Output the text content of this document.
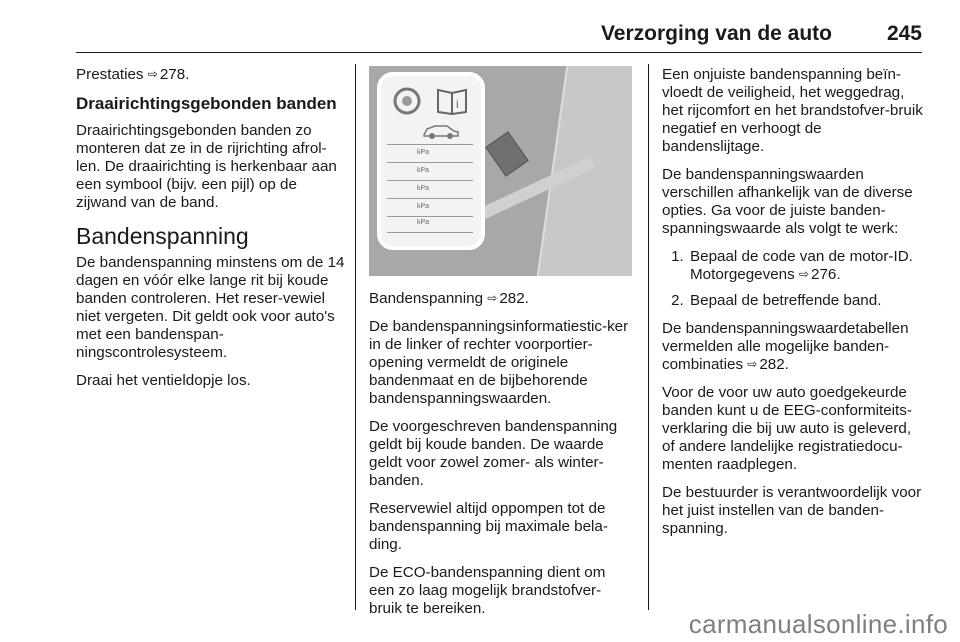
Verzorging van de auto	245

Prestaties ⇨ 278.

Draairichtingsgebonden banden

Draairichtingsgebonden banden zo monteren dat ze in de rijrichting afrol-len. De draairichting is herkenbaar aan een symbool (bijv. een pijl) op de zijwand van de band.

Bandenspanning

De bandenspanning minstens om de 14 dagen en vóór elke lange rit bij koude banden controleren. Het reser-vewiel niet vergeten. Dit geldt ook voor auto's met een bandenspan-ningscontrolesysteem.

Draai het ventieldopje los.

i
kPa
kPa
kPa
kPa
kPa

Bandenspanning ⇨ 282.

De bandenspanningsinformatiestic-ker in de linker of rechter voorportier-opening vermeldt de originele bandenmaat en de bijbehorende bandenspanningswaarden.

De voorgeschreven bandenspanning geldt bij koude banden. De waarde geldt voor zowel zomer- als winter-banden.

Reservewiel altijd oppompen tot de bandenspanning bij maximale bela-ding.

De ECO-bandenspanning dient om een zo laag mogelijk brandstofver-bruik te bereiken.

Een onjuiste bandenspanning beïn-vloedt de veiligheid, het weggedrag, het rijcomfort en het brandstofver-bruik negatief en verhoogt de bandenslijtage.

De bandenspanningswaarden verschillen afhankelijk van de diverse opties. Ga voor de juiste banden-spanningswaarde als volgt te werk:

1. Bepaal de code van de motor-ID. Motorgegevens ⇨ 276.
2. Bepaal de betreffende band.

De bandenspanningswaardetabellen vermelden alle mogelijke banden-combinaties ⇨ 282.

Voor de voor uw auto goedgekeurde banden kunt u de EEG-conformiteits-verklaring die bij uw auto is geleverd, of andere landelijke registratiedocu-menten raadplegen.

De bestuurder is verantwoordelijk voor het juist instellen van de banden-spanning.

carmanualsonline.info
